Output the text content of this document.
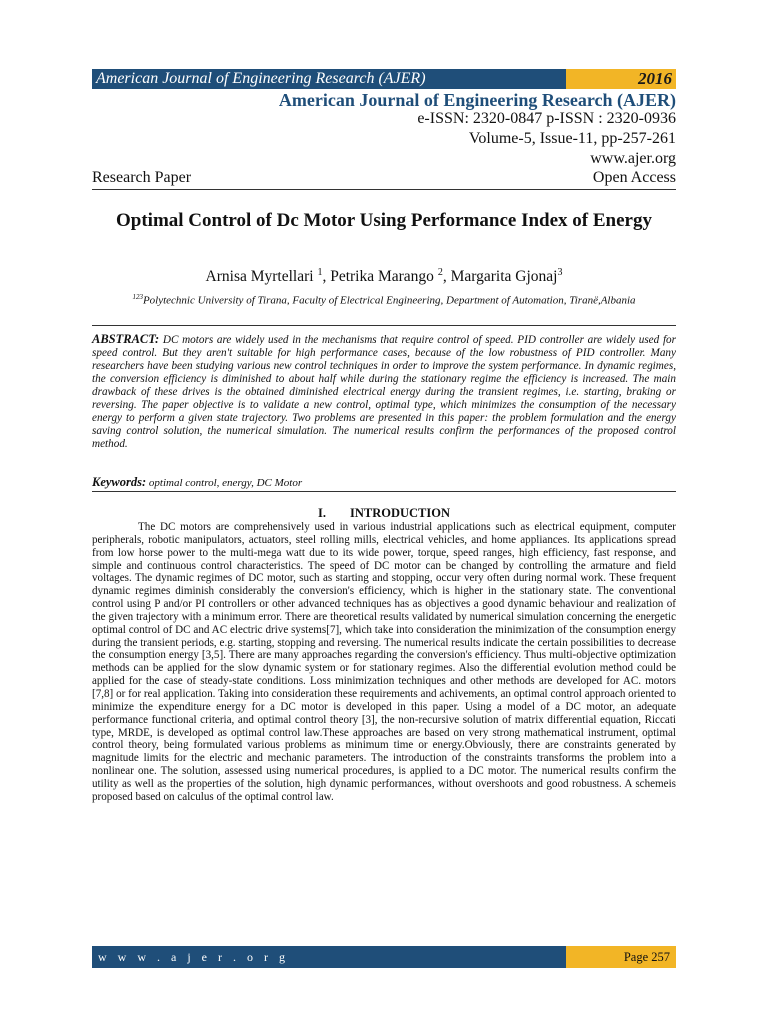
American Journal of Engineering Research (AJER)	2016
American Journal of Engineering Research (AJER)
e-ISSN: 2320-0847 p-ISSN : 2320-0936
Volume-5, Issue-11, pp-257-261
www.ajer.org
Research Paper	Open Access
Optimal Control of Dc Motor Using Performance Index of Energy
Arnisa Myrtellari $^1$, Petrika Marango $^2$, Margarita Gjonaj$^3$
$^{123}$Polytechnic University of Tirana, Faculty of Electrical Engineering, Department of Automation, Tiranë,Albania

ABSTRACT: DC motors are widely used in the mechanisms that require control of speed. PID controller are widely used for speed control. But they aren't suitable for high performance cases, because of the low robustness of PID controller. Many researchers have been studying various new control techniques in order to improve the system performance. In dynamic regimes, the conversion efficiency is diminished to about half while during the stationary regime the efficiency is increased. The main drawback of these drives is the obtained diminished electrical energy during the transient regimes, i.e. starting, braking or reversing. The paper objective is to validate a new control, optimal type, which minimizes the consumption of the necessary energy to perform a given state trajectory. Two problems are presented in this paper: the problem formulation and the energy saving control solution, the numerical simulation. The numerical results confirm the performances of the proposed control method.

Keywords: optimal control, energy, DC Motor

I. INTRODUCTION

The DC motors are comprehensively used in various industrial applications such as electrical equipment, computer peripherals, robotic manipulators, actuators, steel rolling mills, electrical vehicles, and home appliances. Its applications spread from low horse power to the multi-mega watt due to its wide power, torque, speed ranges, high efficiency, fast response, and simple and continuous control characteristics. The speed of DC motor can be changed by controlling the armature and field voltages. The dynamic regimes of DC motor, such as starting and stopping, occur very often during normal work. These frequent dynamic regimes diminish considerably the conversion's efficiency, which is higher in the stationary state. The conventional control using P and/or PI controllers or other advanced techniques has as objectives a good dynamic behaviour and realization of the given trajectory with a minimum error. There are theoretical results validated by numerical simulation concerning the energetic optimal control of DC and AC electric drive systems[7], which take into consideration the minimization of the consumption energy during the transient periods, e.g. starting, stopping and reversing. The numerical results indicate the certain possibilities to decrease the consumption energy [3,5]. There are many approaches regarding the conversion's efficiency. Thus multi-objective optimization methods can be applied for the slow dynamic system or for stationary regimes. Also the differential evolution method could be applied for the case of steady-state conditions. Loss minimization techniques and other methods are developed for AC. motors [7,8] or for real application. Taking into consideration these requirements and achivements, an optimal control approach oriented to minimize the expenditure energy for a DC motor is developed in this paper. Using a model of a DC motor, an adequate performance functional criteria, and optimal control theory [3], the non-recursive solution of matrix differential equation, Riccati type, MRDE, is developed as optimal control law.These approaches are based on very strong mathematical instrument, optimal control theory, being formulated various problems as minimum time or energy.Obviously, there are constraints generated by magnitude limits for the electric and mechanic parameters. The introduction of the constraints transforms the problem into a nonlinear one. The solution, assessed using numerical procedures, is applied to a DC motor. The numerical results confirm the utility as well as the properties of the solution, high dynamic performances, without overshoots and good robustness. A schemeis proposed based on calculus of the optimal control law.

w w w . a j e r . o r g	Page 257
